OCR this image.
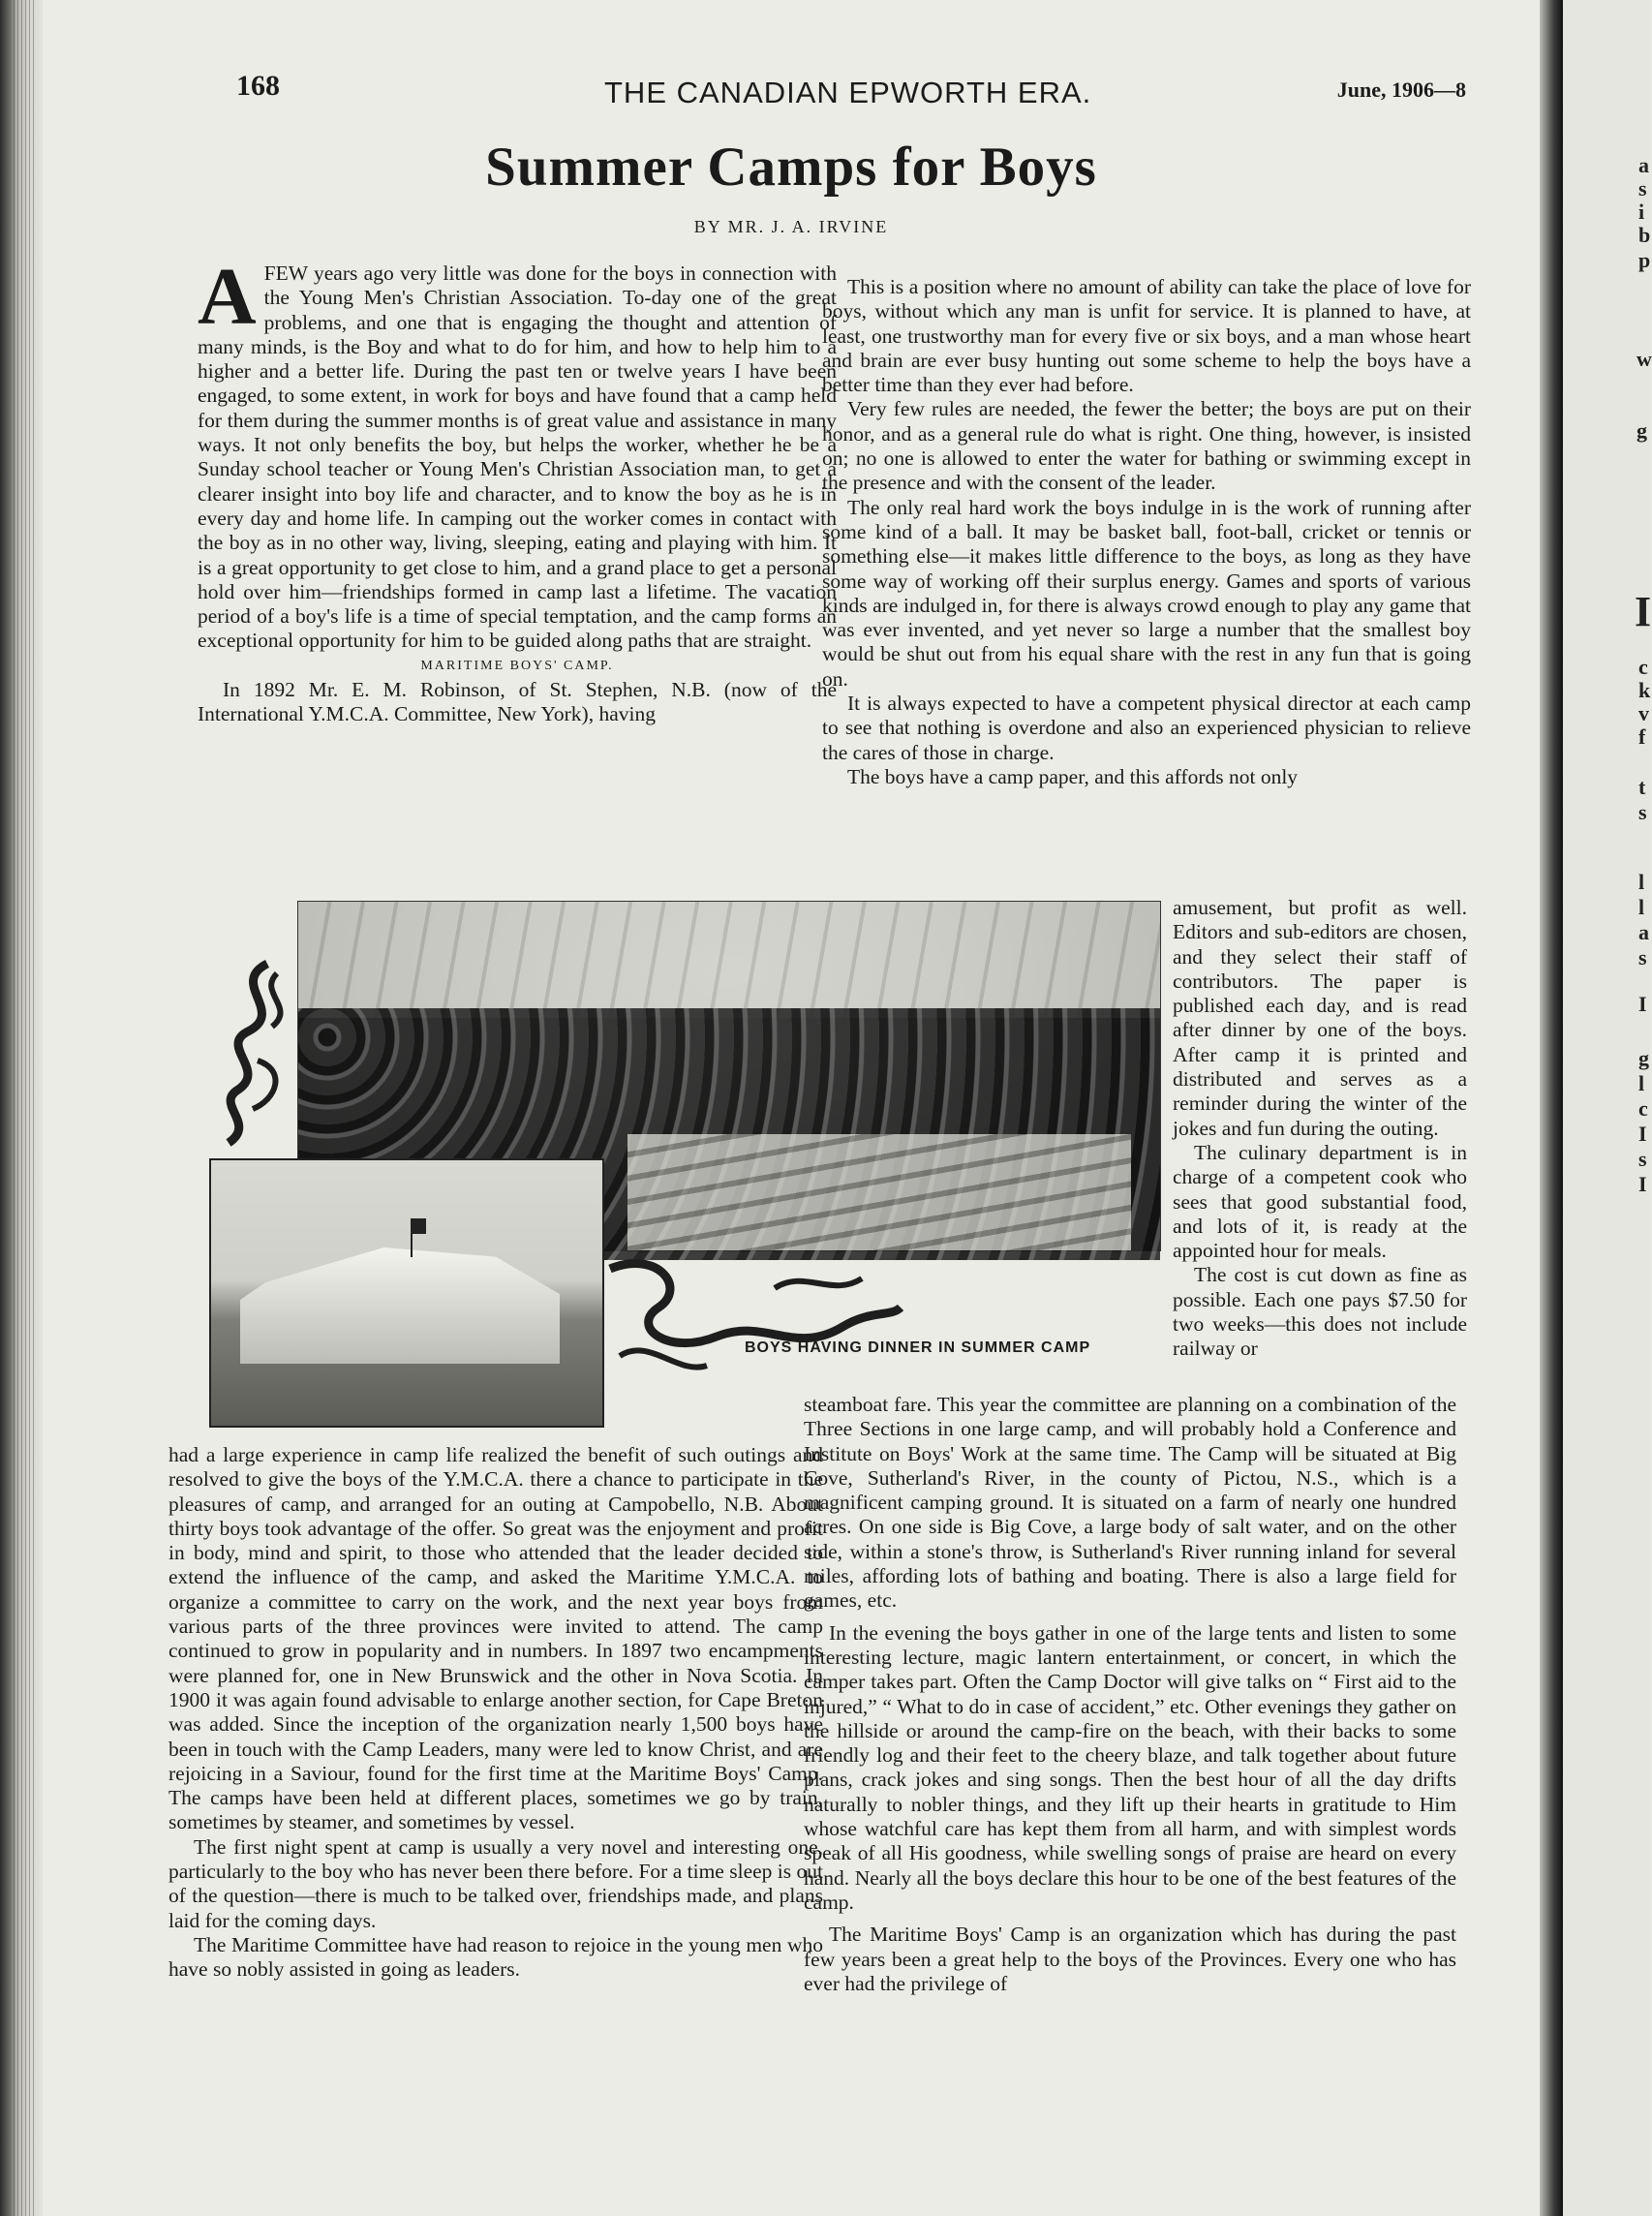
168	THE CANADIAN EPWORTH ERA.	June, 1906—8
Summer Camps for Boys
BY MR. J. A. IRVINE

AFEW years ago very little was done for the boys in connection with the Young Men's Christian Association. To-day one of the great problems, and one that is engaging the thought and attention of many minds, is the Boy and what to do for him, and how to help him to a higher and a better life. During the past ten or twelve years I have been engaged, to some extent, in work for boys and have found that a camp held for them during the summer months is of great value and assistance in many ways. It not only benefits the boy, but helps the worker, whether he be a Sunday school teacher or Young Men's Christian Association man, to get a clearer insight into boy life and character, and to know the boy as he is in every day and home life. In camping out the worker comes in contact with the boy as in no other way, living, sleeping, eating and playing with him. It is a great opportunity to get close to him, and a grand place to get a personal hold over him—friendships formed in camp last a lifetime. The vacation period of a boy's life is a time of special temptation, and the camp forms an exceptional opportunity for him to be guided along paths that are straight.

MARITIME BOYS' CAMP.

In 1892 Mr. E. M. Robinson, of St. Stephen, N.B. (now of the International Y.M.C.A. Committee, New York), having

This is a position where no amount of ability can take the place of love for boys, without which any man is unfit for service. It is planned to have, at least, one trustworthy man for every five or six boys, and a man whose heart and brain are ever busy hunting out some scheme to help the boys have a better time than they ever had before.

Very few rules are needed, the fewer the better; the boys are put on their honor, and as a general rule do what is right. One thing, however, is insisted on; no one is allowed to enter the water for bathing or swimming except in the presence and with the consent of the leader.

The only real hard work the boys indulge in is the work of running after some kind of a ball. It may be basket ball, foot-ball, cricket or tennis or something else—it makes little difference to the boys, as long as they have some way of working off their surplus energy. Games and sports of various kinds are indulged in, for there is always crowd enough to play any game that was ever invented, and yet never so large a number that the smallest boy would be shut out from his equal share with the rest in any fun that is going on.

It is always expected to have a competent physical director at each camp to see that nothing is overdone and also an experienced physician to relieve the cares of those in charge.

The boys have a camp paper, and this affords not only

BOYS HAVING DINNER IN SUMMER CAMP

amusement, but profit as well. Editors and sub-editors are chosen, and they select their staff of contributors. The paper is published each day, and is read after dinner by one of the boys. After camp it is printed and distributed and serves as a reminder during the winter of the jokes and fun during the outing.

The culinary department is in charge of a competent cook who sees that good substantial food, and lots of it, is ready at the appointed hour for meals.

The cost is cut down as fine as possible. Each one pays $7.50 for two weeks—this does not include railway or

had a large experience in camp life realized the benefit of such outings and resolved to give the boys of the Y.M.C.A. there a chance to participate in the pleasures of camp, and arranged for an outing at Campobello, N.B. About thirty boys took advantage of the offer. So great was the enjoyment and profit in body, mind and spirit, to those who attended that the leader decided to extend the influence of the camp, and asked the Maritime Y.M.C.A. to organize a committee to carry on the work, and the next year boys from various parts of the three provinces were invited to attend. The camp continued to grow in popularity and in numbers. In 1897 two encampments were planned for, one in New Brunswick and the other in Nova Scotia. In 1900 it was again found advisable to enlarge another section, for Cape Breton was added. Since the inception of the organization nearly 1,500 boys have been in touch with the Camp Leaders, many were led to know Christ, and are rejoicing in a Saviour, found for the first time at the Maritime Boys' Camp. The camps have been held at different places, sometimes we go by train, sometimes by steamer, and sometimes by vessel.

The first night spent at camp is usually a very novel and interesting one, particularly to the boy who has never been there before. For a time sleep is out of the question—there is much to be talked over, friendships made, and plans laid for the coming days.

The Maritime Committee have had reason to rejoice in the young men who have so nobly assisted in going as leaders.

steamboat fare. This year the committee are planning on a combination of the Three Sections in one large camp, and will probably hold a Conference and Institute on Boys' Work at the same time. The Camp will be situated at Big Cove, Sutherland's River, in the county of Pictou, N.S., which is a magnificent camping ground. It is situated on a farm of nearly one hundred acres. On one side is Big Cove, a large body of salt water, and on the other side, within a stone's throw, is Sutherland's River running inland for several miles, affording lots of bathing and boating. There is also a large field for games, etc.

In the evening the boys gather in one of the large tents and listen to some interesting lecture, magic lantern entertainment, or concert, in which the camper takes part. Often the Camp Doctor will give talks on “ First aid to the injured,” “ What to do in case of accident,” etc. Other evenings they gather on the hillside or around the camp-fire on the beach, with their backs to some friendly log and their feet to the cheery blaze, and talk together about future plans, crack jokes and sing songs. Then the best hour of all the day drifts naturally to nobler things, and they lift up their hearts in gratitude to Him whose watchful care has kept them from all harm, and with simplest words speak of all His goodness, while swelling songs of praise are heard on every hand. Nearly all the boys declare this hour to be one of the best features of the camp.

The Maritime Boys' Camp is an organization which has during the past few years been a great help to the boys of the Provinces. Every one who has ever had the privilege of

a
s
i
b
p
w
g
I
c
k
v
f
t
s
l
l
a
s
I
g
l
c
I
s
I
